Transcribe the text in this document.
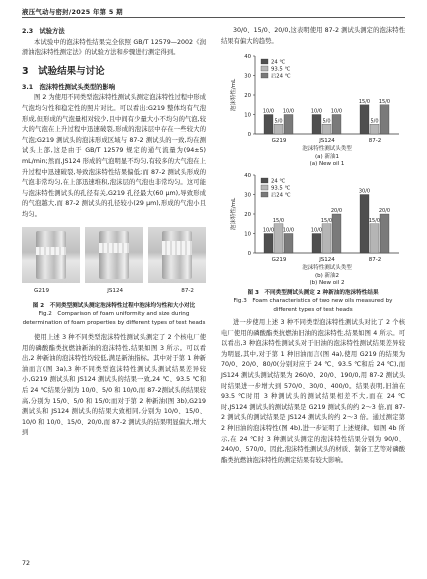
液压气动与密封/2025 年第 5 期
2.3　试验方法

本试验中的泡沫特性结果完全依照 GB/T 12579—2002《润滑油泡沫特性测定法》的试验方法和步骤进行测定得到。

3　试验结果与讨论
3.1　泡沫特性测试头类型的影响

图 2 为使用不同类型泡沫特性测试头测定泡沫特性过程中形成气泡均匀性和稳定性的照片对比。可以看出:G219 整体均有气泡形成,但形成的气泡量相对较少,且中间有少量大小不均匀的气泡,较大的气泡在上升过程中迅速破裂,形成的泡沫层中存在一些较大的气泡;G219 测试头的泡沫形成区域与 87-2 测试头的一致,均在测试头上部,这是由于 GB/T 12579 规定的通气流量为(94±5) mL/min;然而,JS124 形成的气泡明显不均匀,有较多的大气泡在上升过程中迅速破裂,导致泡沫特性结果偏低;而 87-2 测试头形成的气泡非常均匀,在上部迅速堆积,泡沫层的气泡也非常均匀。这可能与泡沫特性测试头的孔径有关,G219 孔径最大(60 μm),导致形成的气泡越大,而 87-2 测试头的孔径较小(29 μm),形成的气泡小且均匀。

G219	JS124	87-2
图 2　不同类型测试头测定泡沫特性过程中泡沫均匀性和大小对比
Fig.2　Comparison of foam uniformity and size during determination of foam properties by different types of test heads

使用上述 3 种不同类型泡沫特性测试头测定了 2 个核电厂使用的磷酸酯类抗燃油新油的泡沫特性,结果如图 3 所示。可以看出,2 种新油的泡沫特性均较低,满足新油指标。其中对于第 1 种新油而言(图 3a),3 种不同类型泡沫特性测试头测试结果差异较小,G219 测试头和 JS124 测试头的结果一致,24 ℃、93.5 ℃和后 24 ℃结果分别为 10/0、5/0 和 10/0,而 87-2测试头的结果较高,分别为 15/0、5/0 和 15/0;而对于第 2 种新油(图 3b),G219 测试头和 JS124 测试头的结果大致相同,分别为 10/0、15/0、10/0 和 10/0、15/0、20/0,而 87-2 测试头的结果明显偏大,增大到

30/0、15/0、20/0,这表明使用 87-2 测试头测定的泡沫特性结果有偏大的趋势。

0
10
20
30
40
泡沫特性/mL
10/0
5/0
10/0
G219
10/0
5/0
10/0
JS124
15/0
5/0
15/0
87-2
泡沫特性测试头类型
(a) 新油1
(a) New oil 1
24 ℃
93.5 ℃
后24 ℃
0
10
20
30
40
泡沫特性/mL
10/0
15/0
10/0
G219
10/0
15/0
20/0
JS124
30/0
15/0
20/0
87-2
泡沫特性测试头类型
(b) 新油2
(b) New oil 2
24 ℃
93.5 ℃
后24 ℃
图 3　不同类型测试头测定 2 种新油的泡沫特性结果
Fig.3　Foam characteristics of two new oils measured by different types of test heads

进一步使用上述 3 种不同类型泡沫特性测试头对比了 2 个核电厂使用的磷酸酯类抗燃油旧油的泡沫特性,结果如图 4 所示。可以看出,3 种泡沫特性测试头对于旧油的泡沫特性测试结果差异较为明显,其中,对于第 1 种旧油而言(图 4a),使用 G219 的结果为 70/0、20/0、80/0(分别对应于 24 ℃、93.5 ℃和后 24 ℃),而 JS124 测试头测试结果为 260/0、20/0、190/0,用 87-2 测试头时结果进一步增大到 570/0、30/0、400/0。结果表明,旧油在 93.5 ℃时用 3 种测试头的测试结果相差不大,而在 24 ℃时,JS124 测试头的测试结果是 G219 测试头的约 2～3 倍,而 87-2 测试头的测试结果是 JS124 测试头的约 2～3 倍。通过测定第 2 种旧油的泡沫特性(图 4b),进一步证明了上述规律。如图 4b 所示,在 24 ℃时 3 种测试头测定的泡沫特性结果分别为 90/0、240/0、570/0。因此,泡沫特性测试头的材质、制备工艺等对磷酸酯类抗燃油泡沫特性的测定结果有较大影响。

72
